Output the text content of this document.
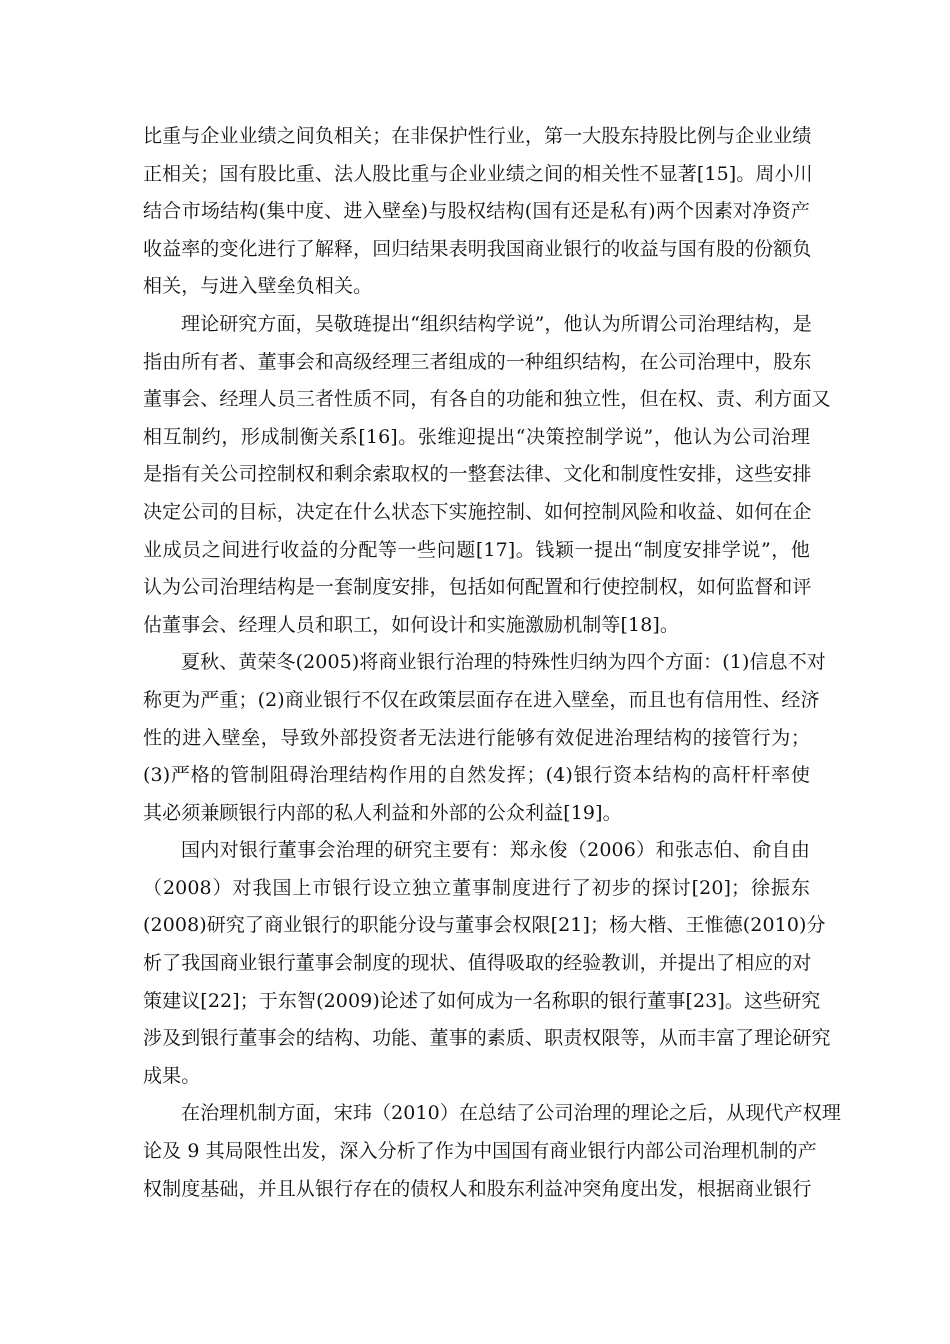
比重与企业业绩之间负相关；在非保护性行业，第一大股东持股比例与企业业绩
正相关；国有股比重、法人股比重与企业业绩之间的相关性不显著[15]。周小川
结合市场结构(集中度、进入壁垒)与股权结构(国有还是私有)两个因素对净资产
收益率的变化进行了解释，回归结果表明我国商业银行的收益与国有股的份额负
相关，与进入壁垒负相关。

理论研究方面，吴敬琏提出“组织结构学说”，他认为所谓公司治理结构，是
指由所有者、董事会和高级经理三者组成的一种组织结构，在公司治理中，股东
董事会、经理人员三者性质不同，有各自的功能和独立性，但在权、责、利方面又
相互制约，形成制衡关系[16]。张维迎提出“决策控制学说”，他认为公司治理
是指有关公司控制权和剩余索取权的一整套法律、文化和制度性安排，这些安排
决定公司的目标，决定在什么状态下实施控制、如何控制风险和收益、如何在企
业成员之间进行收益的分配等一些问题[17]。钱颖一提出“制度安排学说”，他
认为公司治理结构是一套制度安排，包括如何配置和行使控制权，如何监督和评
估董事会、经理人员和职工，如何设计和实施激励机制等[18]。

夏秋、黄荣冬(2005)将商业银行治理的特殊性归纳为四个方面：(1)信息不对
称更为严重；(2)商业银行不仅在政策层面存在进入壁垒，而且也有信用性、经济
性的进入壁垒，导致外部投资者无法进行能够有效促进治理结构的接管行为；
(3)严格的管制阻碍治理结构作用的自然发挥；(4)银行资本结构的高杆杆率使
其必须兼顾银行内部的私人利益和外部的公众利益[19]。

国内对银行董事会治理的研究主要有：郑永俊（2006）和张志伯、俞自由
（2008）对我国上市银行设立独立董事制度进行了初步的探讨[20]；徐振东
(2008)研究了商业银行的职能分设与董事会权限[21]；杨大楷、王惟德(2010)分
析了我国商业银行董事会制度的现状、值得吸取的经验教训，并提出了相应的对
策建议[22]；于东智(2009)论述了如何成为一名称职的银行董事[23]。这些研究
涉及到银行董事会的结构、功能、董事的素质、职责权限等，从而丰富了理论研究
成果。

在治理机制方面，宋玮（2010）在总结了公司治理的理论之后，从现代产权理
论及 9 其局限性出发，深入分析了作为中国国有商业银行内部公司治理机制的产
权制度基础，并且从银行存在的债权人和股东利益冲突角度出发，根据商业银行
